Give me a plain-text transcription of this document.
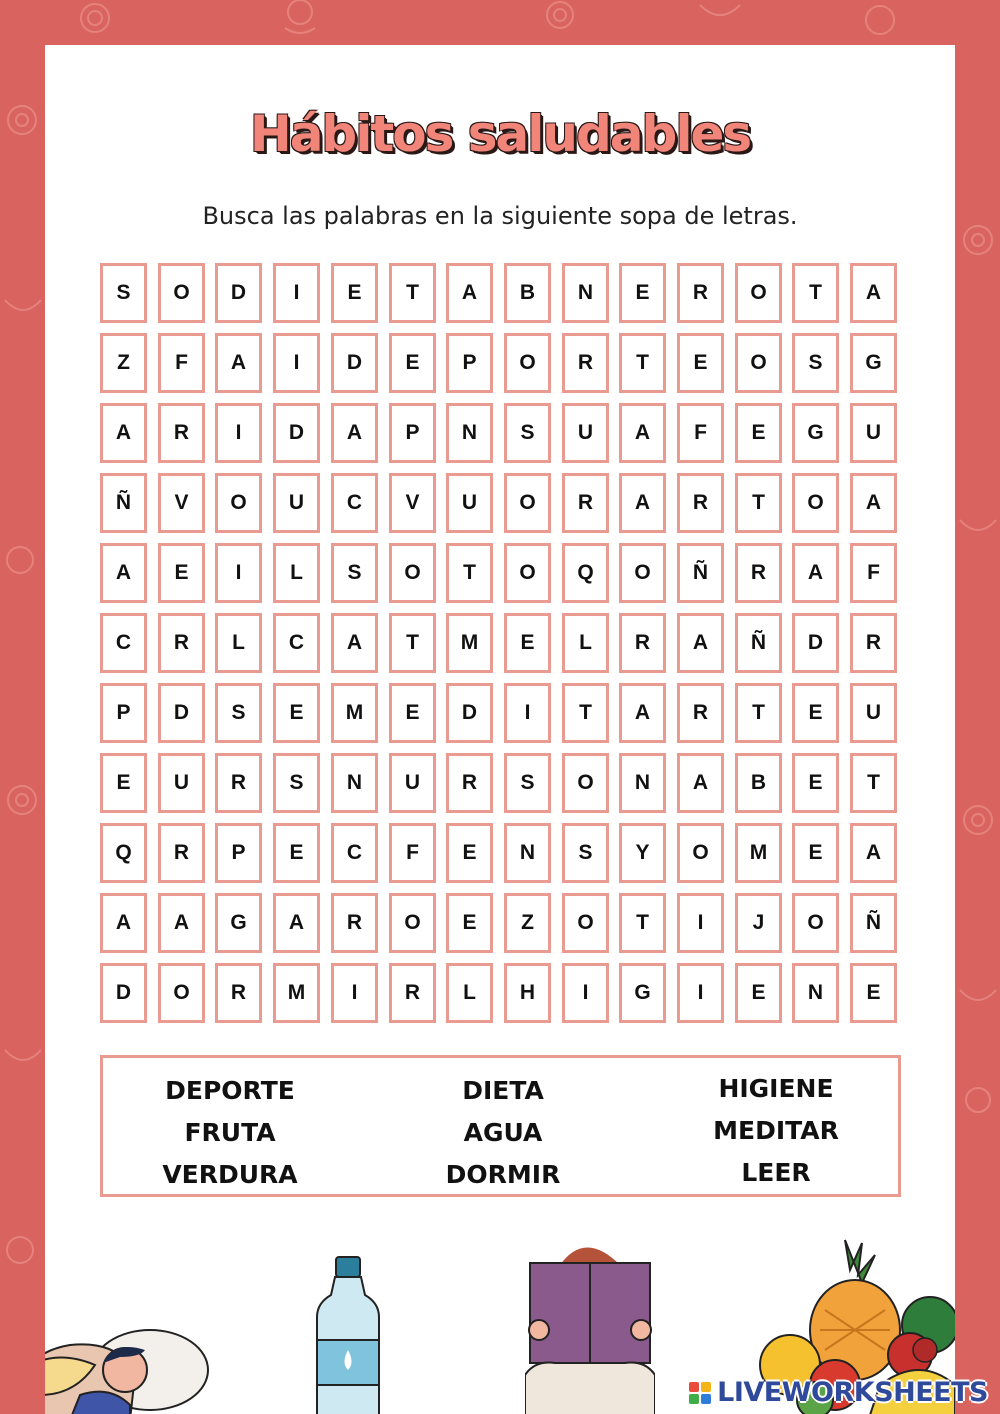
Hábitos saludables
Busca las palabras en la siguiente sopa de letras.
S	O	D	I	E	T	A	B	N	E	R	O	T	A
Z	F	A	I	D	E	P	O	R	T	E	O	S	G
A	R	I	D	A	P	N	S	U	A	F	E	G	U
Ñ	V	O	U	C	V	U	O	R	A	R	T	O	A
A	E	I	L	S	O	T	O	Q	O	Ñ	R	A	F
C	R	L	C	A	T	M	E	L	R	A	Ñ	D	R
P	D	S	E	M	E	D	I	T	A	R	T	E	U
E	U	R	S	N	U	R	S	O	N	A	B	E	T
Q	R	P	E	C	F	E	N	S	Y	O	M	E	A
A	A	G	A	R	O	E	Z	O	T	I	J	O	Ñ
D	O	R	M	I	R	L	H	I	G	I	E	N	E
DEPORTE
FRUTA
VERDURA
DIETA
AGUA
DORMIR
HIGIENE
MEDITAR
LEER
LIVEWORKSHEETS
